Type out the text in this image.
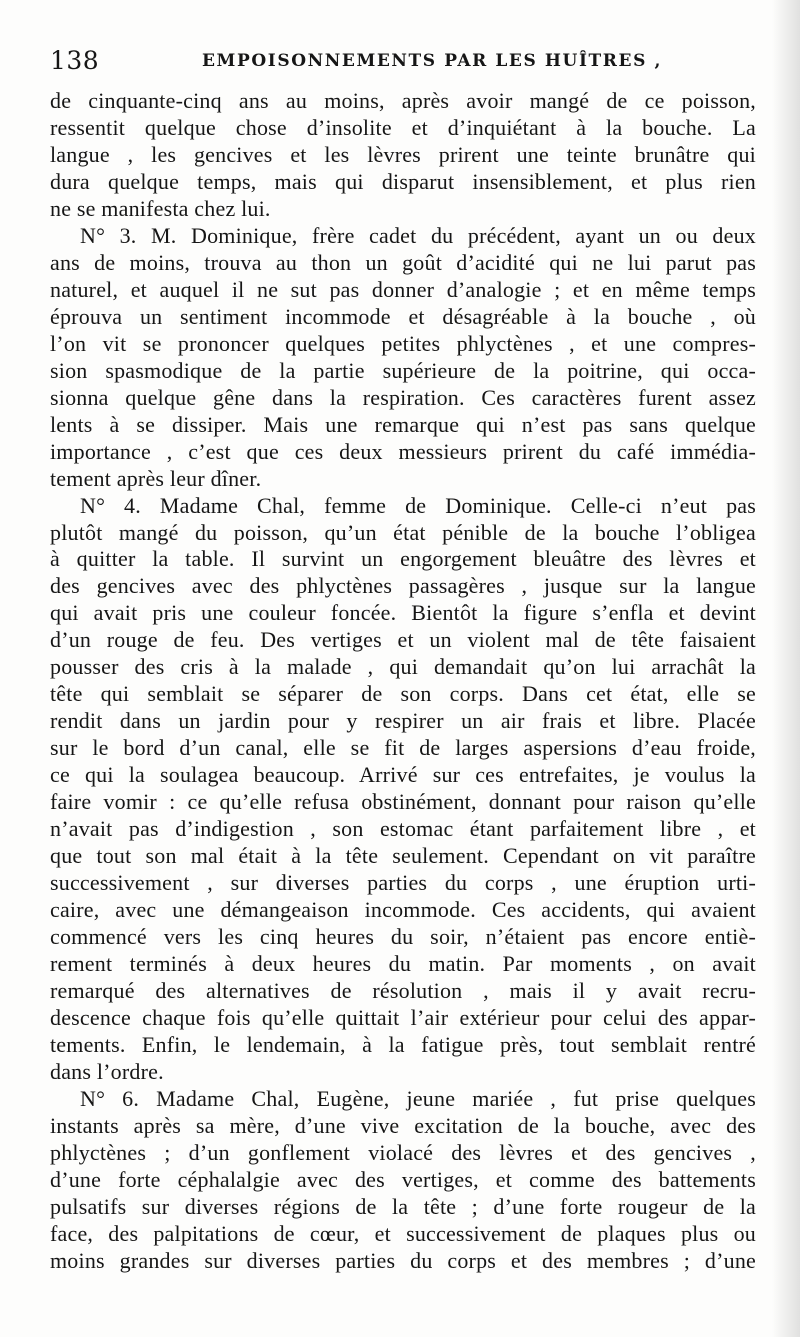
138	EMPOISONNEMENTS PAR LES HUÎTRES ,
de cinquante-cinq ans au moins, après avoir mangé de ce poisson,
ressentit quelque chose d’insolite et d’inquiétant à la bouche. La
langue , les gencives et les lèvres prirent une teinte brunâtre qui
dura quelque temps, mais qui disparut insensiblement, et plus rien
ne se manifesta chez lui.
N° 3. M. Dominique, frère cadet du précédent, ayant un ou deux
ans de moins, trouva au thon un goût d’acidité qui ne lui parut pas
naturel, et auquel il ne sut pas donner d’analogie ; et en même temps
éprouva un sentiment incommode et désagréable à la bouche , où
l’on vit se prononcer quelques petites phlyctènes , et une compres-
sion spasmodique de la partie supérieure de la poitrine, qui occa-
sionna quelque gêne dans la respiration. Ces caractères furent assez
lents à se dissiper. Mais une remarque qui n’est pas sans quelque
importance , c’est que ces deux messieurs prirent du café immédia-
tement après leur dîner.
N° 4. Madame Chal, femme de Dominique. Celle-ci n’eut pas
plutôt mangé du poisson, qu’un état pénible de la bouche l’obligea
à quitter la table. Il survint un engorgement bleuâtre des lèvres et
des gencives avec des phlyctènes passagères , jusque sur la langue
qui avait pris une couleur foncée. Bientôt la figure s’enfla et devint
d’un rouge de feu. Des vertiges et un violent mal de tête faisaient
pousser des cris à la malade , qui demandait qu’on lui arrachât la
tête qui semblait se séparer de son corps. Dans cet état, elle se
rendit dans un jardin pour y respirer un air frais et libre. Placée
sur le bord d’un canal, elle se fit de larges aspersions d’eau froide,
ce qui la soulagea beaucoup. Arrivé sur ces entrefaites, je voulus la
faire vomir : ce qu’elle refusa obstinément, donnant pour raison qu’elle
n’avait pas d’indigestion , son estomac étant parfaitement libre , et
que tout son mal était à la tête seulement. Cependant on vit paraître
successivement , sur diverses parties du corps , une éruption urti-
caire, avec une démangeaison incommode. Ces accidents, qui avaient
commencé vers les cinq heures du soir, n’étaient pas encore entiè-
rement terminés à deux heures du matin. Par moments , on avait
remarqué des alternatives de résolution , mais il y avait recru-
descence chaque fois qu’elle quittait l’air extérieur pour celui des appar-
tements. Enfin, le lendemain, à la fatigue près, tout semblait rentré
dans l’ordre.
N° 6. Madame Chal, Eugène, jeune mariée , fut prise quelques
instants après sa mère, d’une vive excitation de la bouche, avec des
phlyctènes ; d’un gonflement violacé des lèvres et des gencives ,
d’une forte céphalalgie avec des vertiges, et comme des battements
pulsatifs sur diverses régions de la tête ; d’une forte rougeur de la
face, des palpitations de cœur, et successivement de plaques plus ou
moins grandes sur diverses parties du corps et des membres ; d’une
